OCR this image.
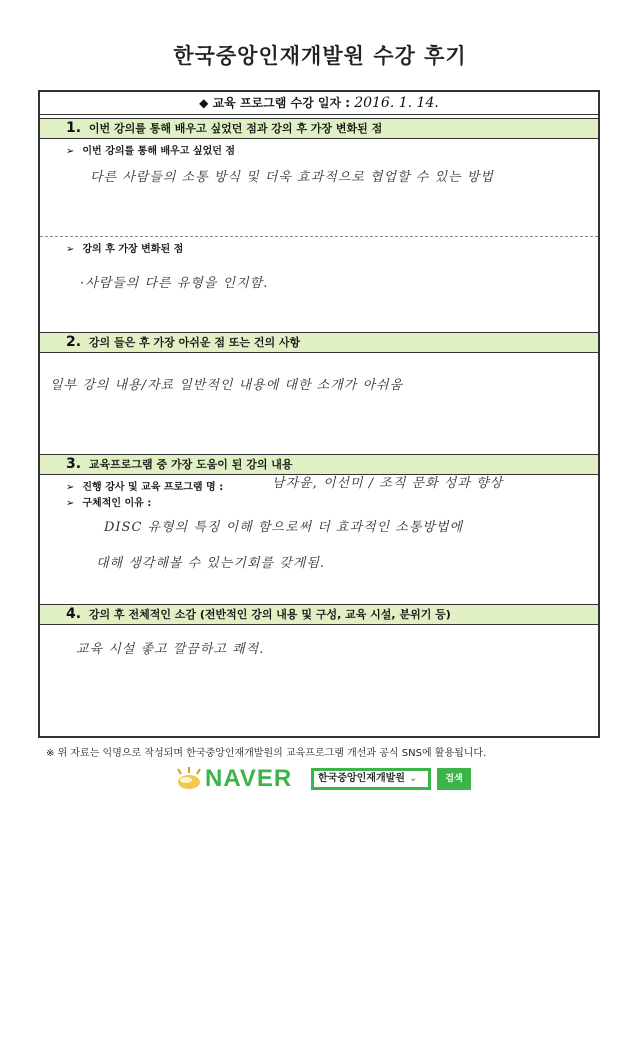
한국중앙인재개발원 수강 후기
◆ 교육 프로그램 수강 일자 : 2016. 1. 14.
1. 이번 강의를 통해 배우고 싶었던 점과 강의 후 가장 변화된 점
➢ 이번 강의를 통해 배우고 싶었던 점
다른 사람들의 소통 방식 및 더욱 효과적으로 협업할 수 있는 방법
➢ 강의 후 가장 변화된 점
·사람들의 다른 유형을 인지함.
2. 강의 들은 후 가장 아쉬운 점 또는 건의 사항
일부 강의 내용/자료 일반적인 내용에 대한 소개가 아쉬움
3. 교육프로그램 중 가장 도움이 된 강의 내용
➢ 진행 강사 및 교육 프로그램 명 :	남자윤, 이선미 / 조직 문화 성과 향상
➢ 구체적인 이유 :
DISC 유형의 특징 이해 함으로써 더 효과적인 소통방법에
대해 생각해볼 수 있는기회를 갖게됨.
4. 강의 후 전체적인 소감 (전반적인 강의 내용 및 구성, 교육 시설, 분위기 등)
교육 시설 좋고 깔끔하고 쾌적.
※ 위 자료는 익명으로 작성되며 한국중앙인재개발원의 교육프로그램 개선과 공식 SNS에 활용됩니다.
NAVER	한국중앙인재개발원 ⌄	검색
